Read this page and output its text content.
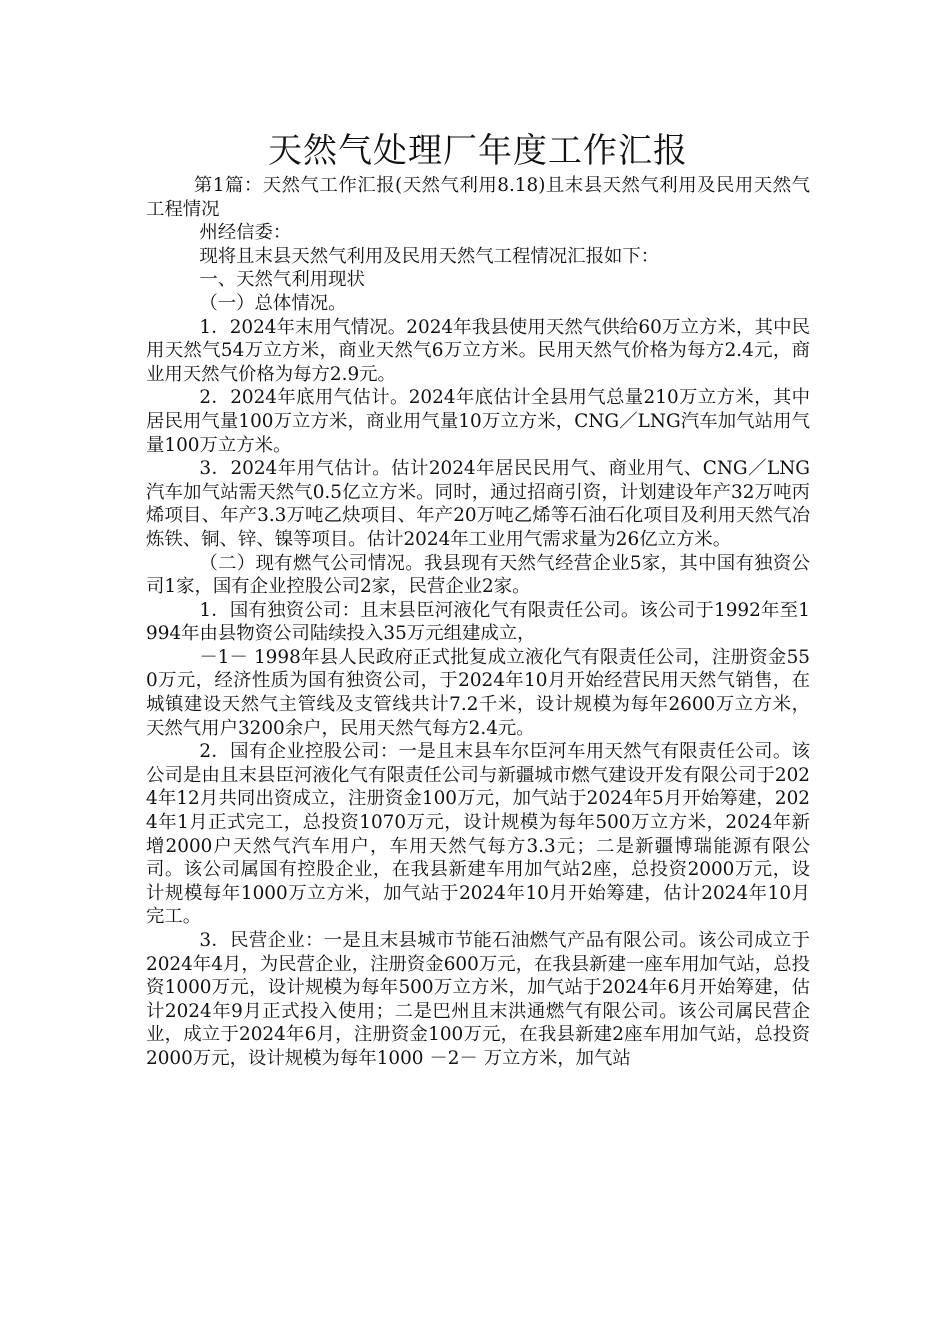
天然气处理厂年度工作汇报

第1篇：天然气工作汇报(天然气利用8.18)且末县天然气利用及民用天然气工程情况

州经信委：

现将且末县天然气利用及民用天然气工程情况汇报如下：

一、天然气利用现状

（一）总体情况。

1．2024年末用气情况。2024年我县使用天然气供给60万立方米，其中民用天然气54万立方米，商业天然气6万立方米。民用天然气价格为每方2.4元，商业用天然气价格为每方2.9元。

2．2024年底用气估计。2024年底估计全县用气总量210万立方米，其中居民用气量100万立方米，商业用气量10万立方米，CNG／LNG汽车加气站用气量100万立方米。

3．2024年用气估计。估计2024年居民民用气、商业用气、CNG／LNG汽车加气站需天然气0.5亿立方米。同时，通过招商引资，计划建设年产32万吨丙烯项目、年产3.3万吨乙炔项目、年产20万吨乙烯等石油石化项目及利用天然气冶炼铁、铜、锌、镍等项目。估计2024年工业用气需求量为26亿立方米。

（二）现有燃气公司情况。我县现有天然气经营企业5家，其中国有独资公司1家，国有企业控股公司2家，民营企业2家。

1．国有独资公司：且末县臣河液化气有限责任公司。该公司于1992年至1994年由县物资公司陆续投入35万元组建成立，

－1－ 1998年县人民政府正式批复成立液化气有限责任公司，注册资金550万元，经济性质为国有独资公司，于2024年10月开始经营民用天然气销售，在城镇建设天然气主管线及支管线共计7.2千米，设计规模为每年2600万立方米，天然气用户3200余户，民用天然气每方2.4元。

2．国有企业控股公司：一是且末县车尔臣河车用天然气有限责任公司。该公司是由且末县臣河液化气有限责任公司与新疆城市燃气建设开发有限公司于2024年12月共同出资成立，注册资金100万元，加气站于2024年5月开始筹建，2024年1月正式完工，总投资1070万元，设计规模为每年500万立方米，2024年新增2000户天然气汽车用户，车用天然气每方3.3元；二是新疆博瑞能源有限公司。该公司属国有控股企业，在我县新建车用加气站2座，总投资2000万元，设计规模每年1000万立方米，加气站于2024年10月开始筹建，估计2024年10月完工。

3．民营企业：一是且末县城市节能石油燃气产品有限公司。该公司成立于2024年4月，为民营企业，注册资金600万元，在我县新建一座车用加气站，总投资1000万元，设计规模为每年500万立方米，加气站于2024年6月开始筹建，估计2024年9月正式投入使用；二是巴州且末洪通燃气有限公司。该公司属民营企业，成立于2024年6月，注册资金100万元，在我县新建2座车用加气站，总投资2000万元，设计规模为每年1000 －2－ 万立方米，加气站
